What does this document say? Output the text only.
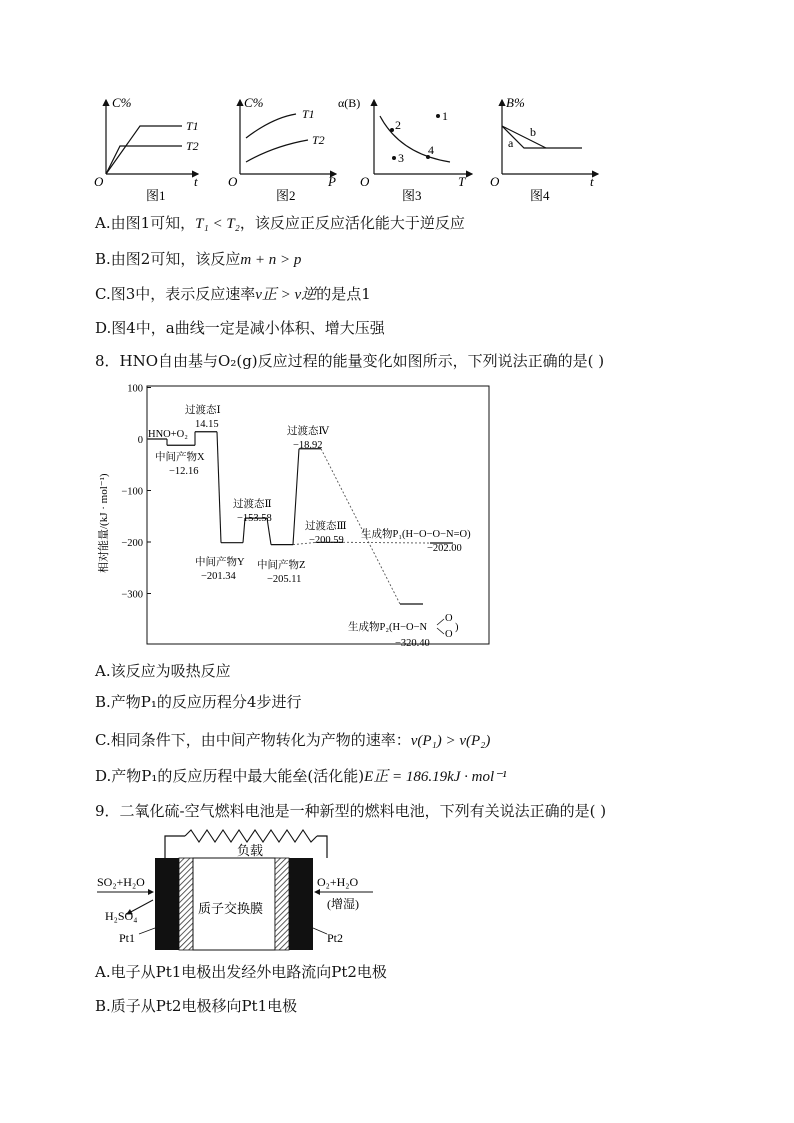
C%
T1
T2
O	t
图1
C%
T1
T2
O	P
图2
α(B)
1
2
3
4
O	T
图3
B%
a
b
O	t
图4
A.由图1可知，T₁ < T₂，该反应正反应活化能大于逆反应
B.由图2可知，该反应m + n > p
C.图3中，表示反应速率v正 > v逆的是点1
D.图4中，a曲线一定是减小体积、增大压强
8．HNO自由基与O₂(g)反应过程的能量变化如图所示，下列说法正确的是( )
100
0
−100
−200
−300
相对能量/(kJ · mol⁻¹)
HNO+O₂
过渡态Ⅰ
14.15
中间产物X
−12.16
过渡态Ⅱ
−153.58
中间产物Y
−201.34
中间产物Z
−205.11
过渡态Ⅳ
−18.92
过渡态Ⅲ
−200.59
生成物P₁(H−O−O−N=O)
−202.00
生成物P₂(H−O−N
O
O
)
−320.40
A.该反应为吸热反应
B.产物P₁的反应历程分4步进行
C.相同条件下，由中间产物转化为产物的速率：v(P₁) > v(P₂)
D.产物P₁的反应历程中最大能垒(活化能)E正 = 186.19kJ · mol⁻¹
9．二氧化硫-空气燃料电池是一种新型的燃料电池，下列有关说法正确的是( )
负载
质子交换膜
SO₂+H₂O
H₂SO₄
Pt1
O₂+H₂O
(增湿)
Pt2
A.电子从Pt1电极出发经外电路流向Pt2电极
B.质子从Pt2电极移向Pt1电极
